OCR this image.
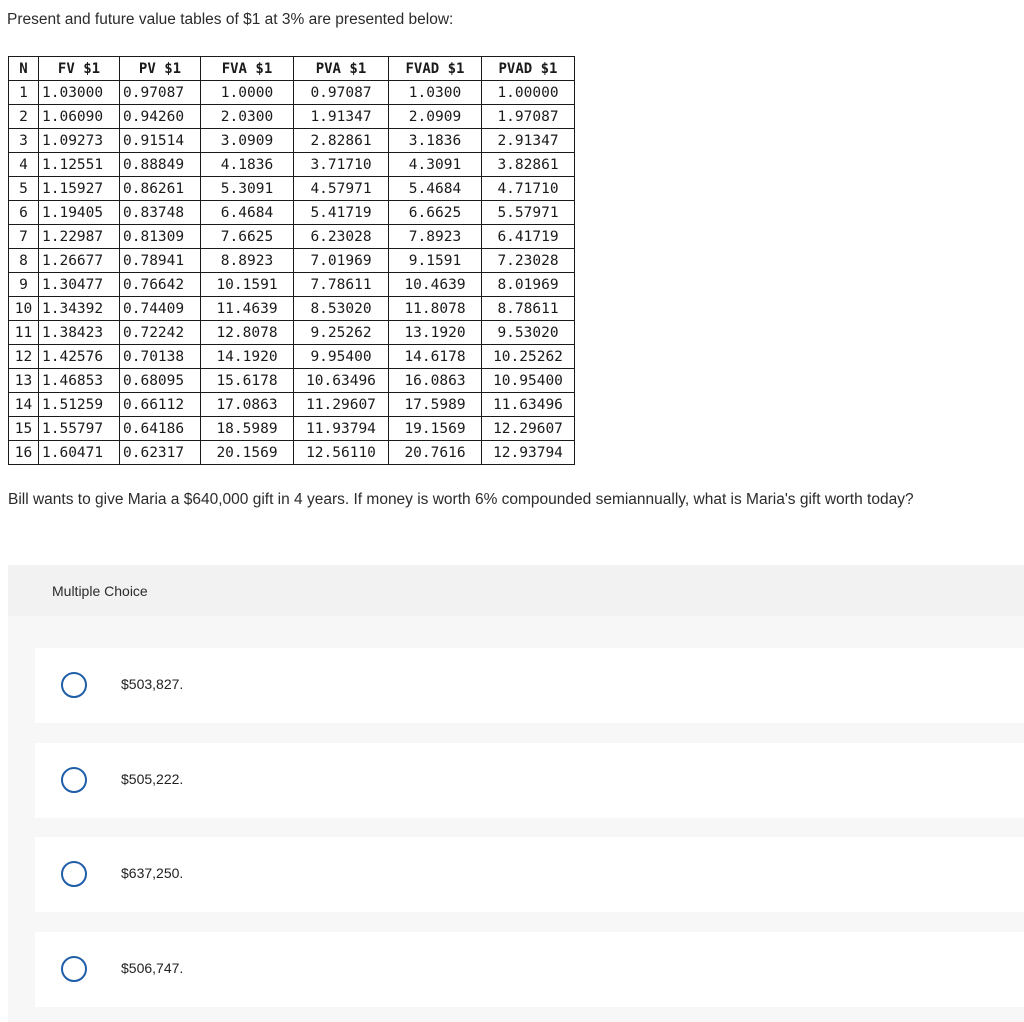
Present and future value tables of $1 at 3% are presented below:
N	FV $1	PV $1	FVA $1	PVA $1	FVAD $1	PVAD $1
1	1.03000	0.97087	1.0000	0.97087	1.0300	1.00000
2	1.06090	0.94260	2.0300	1.91347	2.0909	1.97087
3	1.09273	0.91514	3.0909	2.82861	3.1836	2.91347
4	1.12551	0.88849	4.1836	3.71710	4.3091	3.82861
5	1.15927	0.86261	5.3091	4.57971	5.4684	4.71710
6	1.19405	0.83748	6.4684	5.41719	6.6625	5.57971
7	1.22987	0.81309	7.6625	6.23028	7.8923	6.41719
8	1.26677	0.78941	8.8923	7.01969	9.1591	7.23028
9	1.30477	0.76642	10.1591	7.78611	10.4639	8.01969
10	1.34392	0.74409	11.4639	8.53020	11.8078	8.78611
11	1.38423	0.72242	12.8078	9.25262	13.1920	9.53020
12	1.42576	0.70138	14.1920	9.95400	14.6178	10.25262
13	1.46853	0.68095	15.6178	10.63496	16.0863	10.95400
14	1.51259	0.66112	17.0863	11.29607	17.5989	11.63496
15	1.55797	0.64186	18.5989	11.93794	19.1569	12.29607
16	1.60471	0.62317	20.1569	12.56110	20.7616	12.93794
Bill wants to give Maria a $640,000 gift in 4 years. If money is worth 6% compounded semiannually, what is Maria's gift worth today?
Multiple Choice
$503,827.
$505,222.
$637,250.
$506,747.
